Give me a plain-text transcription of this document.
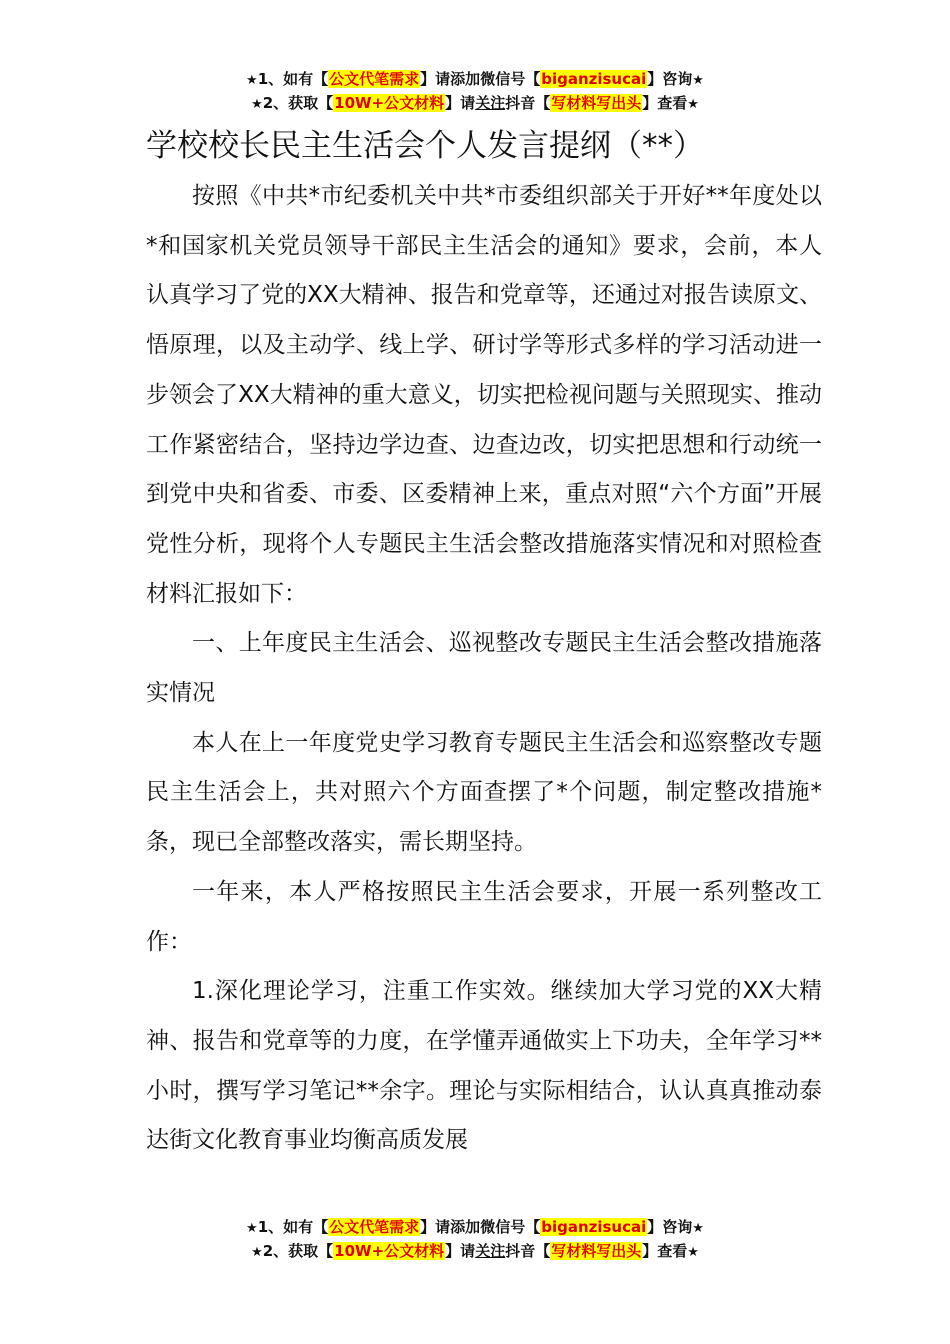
★1、如有【公文代笔需求】请添加微信号【biganzisucai】咨询★
★2、获取【10W+公文材料】请关注抖音【写材料写出头】查看★
学校校长民主生活会个人发言提纲（**）

按照《中共*市纪委机关中共*市委组织部关于开好**年度处以*和国家机关党员领导干部民主生活会的通知》要求，会前，本人认真学习了党的XX大精神、报告和党章等，还通过对报告读原文、悟原理，以及主动学、线上学、研讨学等形式多样的学习活动进一步领会了XX大精神的重大意义，切实把检视问题与关照现实、推动工作紧密结合，坚持边学边查、边查边改，切实把思想和行动统一到党中央和省委、市委、区委精神上来，重点对照“六个方面”开展党性分析，现将个人专题民主生活会整改措施落实情况和对照检查材料汇报如下：

一、上年度民主生活会、巡视整改专题民主生活会整改措施落实情况

本人在上一年度党史学习教育专题民主生活会和巡察整改专题民主生活会上，共对照六个方面查摆了*个问题，制定整改措施*条，现已全部整改落实，需长期坚持。

一年来，本人严格按照民主生活会要求，开展一系列整改工作：

1.深化理论学习，注重工作实效。继续加大学习党的XX大精神、报告和党章等的力度，在学懂弄通做实上下功夫，全年学习**小时，撰写学习笔记**余字。理论与实际相结合，认认真真推动泰达街文化教育事业均衡高质发展

★1、如有【公文代笔需求】请添加微信号【biganzisucai】咨询★
★2、获取【10W+公文材料】请关注抖音【写材料写出头】查看★
